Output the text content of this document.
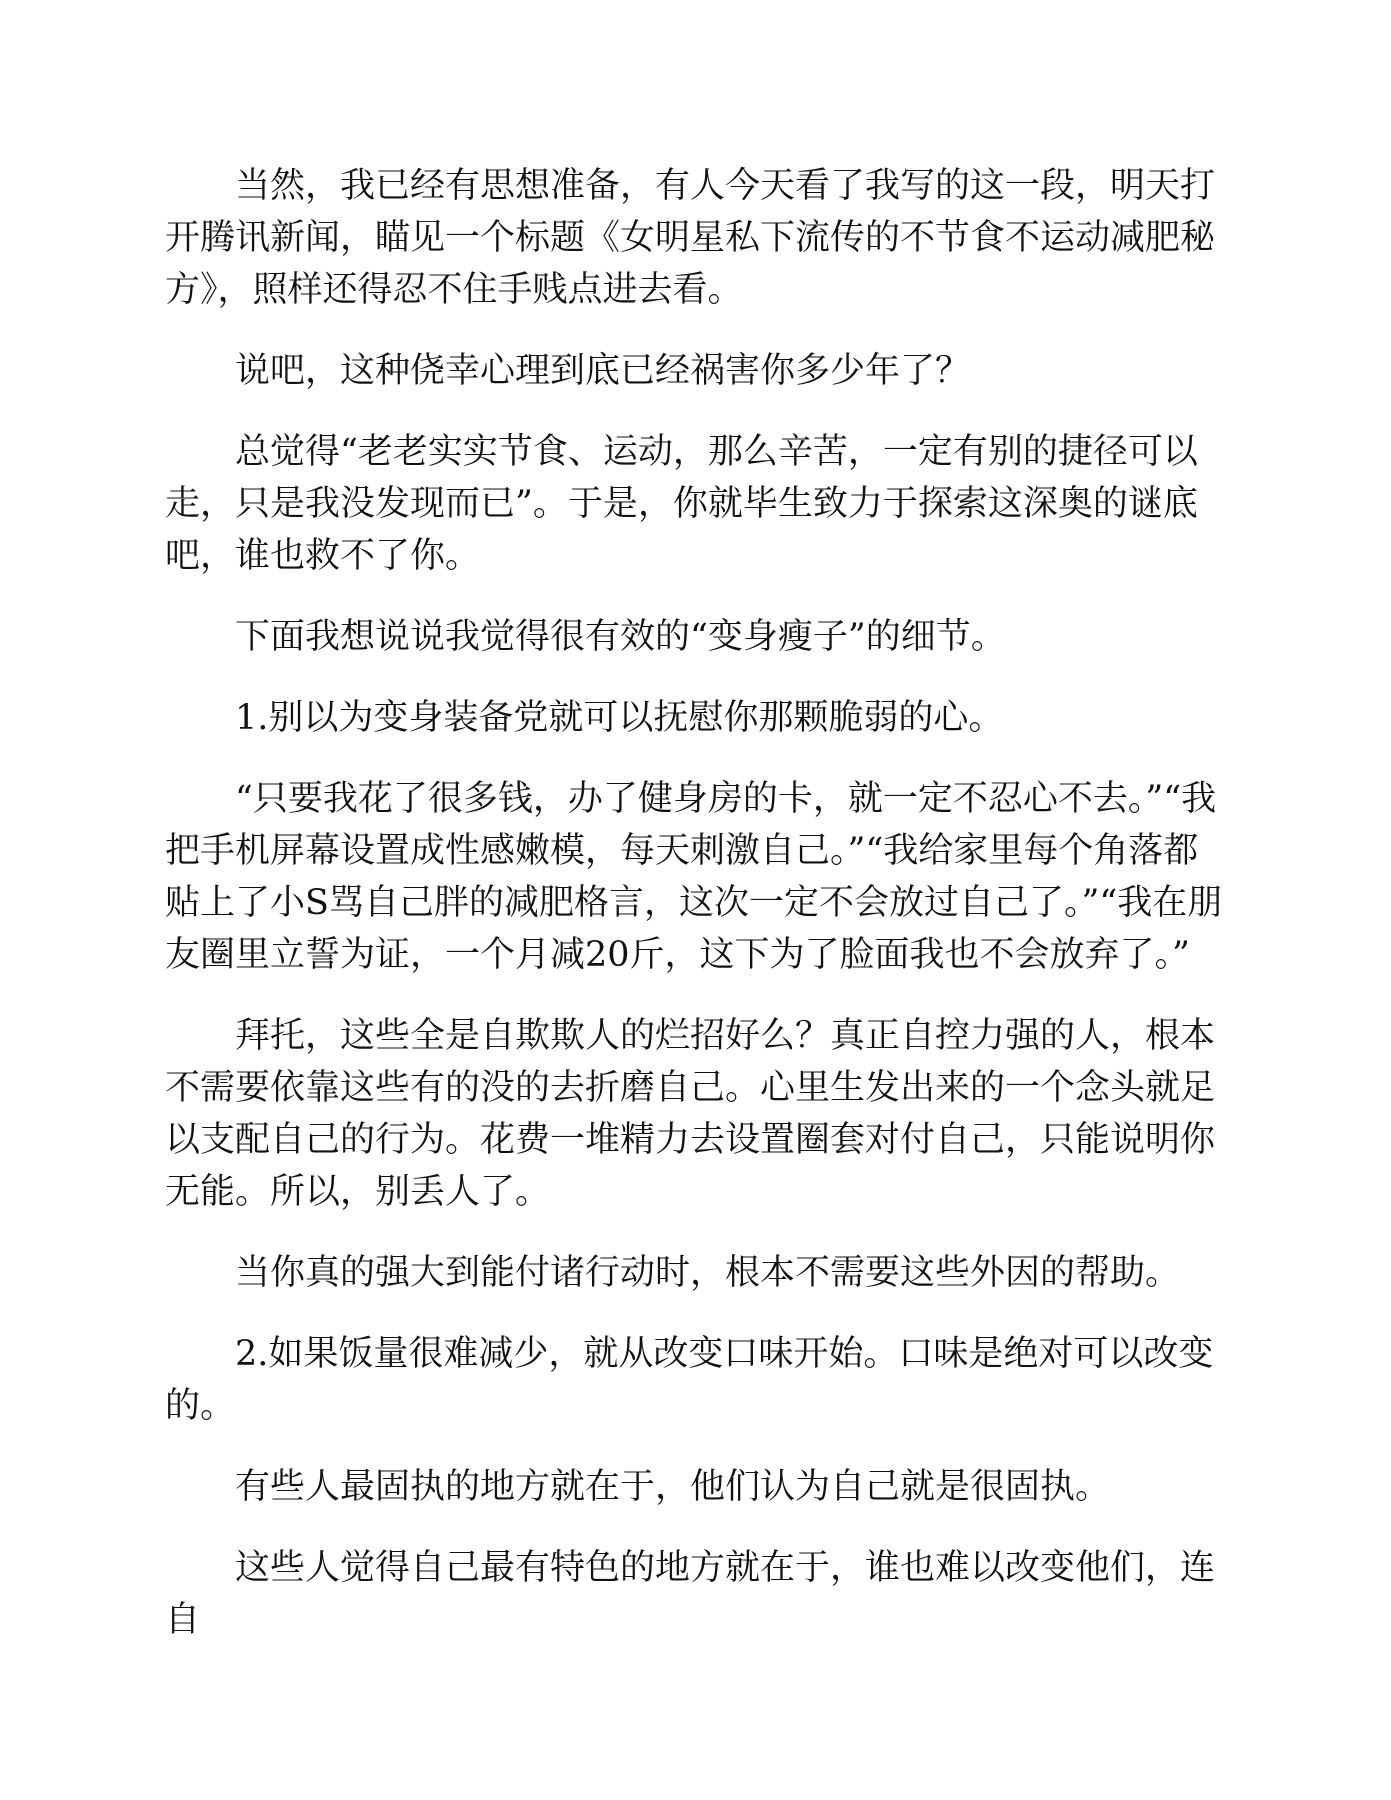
当然，我已经有思想准备，有人今天看了我写的这一段，明天打开腾讯新闻，瞄见一个标题《女明星私下流传的不节食不运动减肥秘方》，照样还得忍不住手贱点进去看。

说吧，这种侥幸心理到底已经祸害你多少年了？

总觉得“老老实实节食、运动，那么辛苦，一定有别的捷径可以走，只是我没发现而已”。于是，你就毕生致力于探索这深奥的谜底吧，谁也救不了你。

下面我想说说我觉得很有效的“变身瘦子”的细节。

1.别以为变身装备党就可以抚慰你那颗脆弱的心。

“只要我花了很多钱，办了健身房的卡，就一定不忍心不去。”“我把手机屏幕设置成性感嫩模，每天刺激自己。”“我给家里每个角落都贴上了小S骂自己胖的减肥格言，这次一定不会放过自己了。”“我在朋友圈里立誓为证，一个月减20斤，这下为了脸面我也不会放弃了。”

拜托，这些全是自欺欺人的烂招好么？真正自控力强的人，根本不需要依靠这些有的没的去折磨自己。心里生发出来的一个念头就足以支配自己的行为。花费一堆精力去设置圈套对付自己，只能说明你无能。所以，别丢人了。

当你真的强大到能付诸行动时，根本不需要这些外因的帮助。

2.如果饭量很难减少，就从改变口味开始。口味是绝对可以改变的。

有些人最固执的地方就在于，他们认为自己就是很固执。

这些人觉得自己最有特色的地方就在于，谁也难以改变他们，连自
